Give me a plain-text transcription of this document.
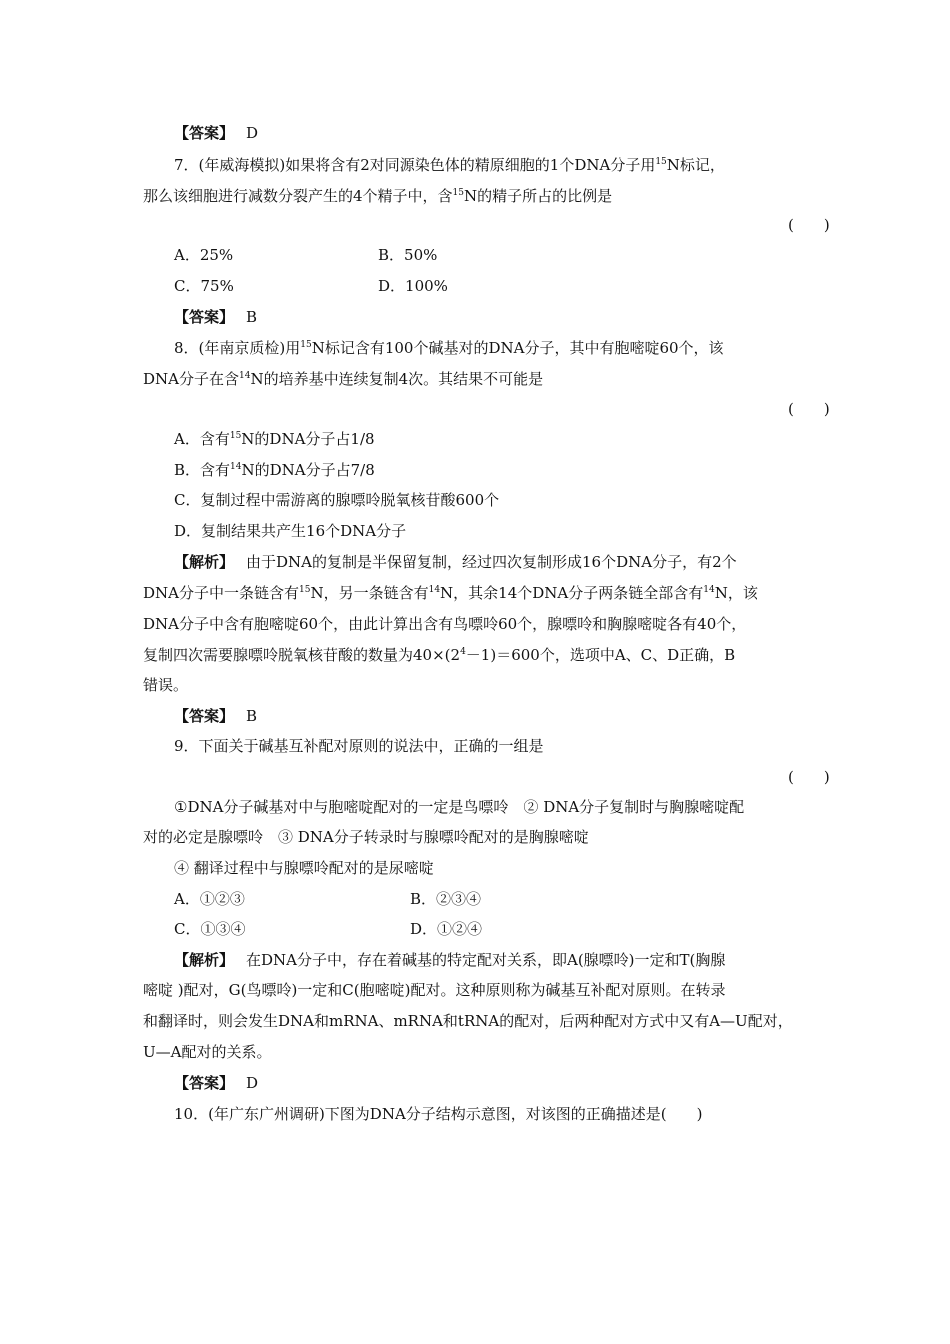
【答案】 D
7．(年威海模拟)如果将含有2对同源染色体的精原细胞的1个DNA分子用$^{15}$N标记，
那么该细胞进行减数分裂产生的4个精子中，含$^{15}$N的精子所占的比例是
(　　)
A．25%	B．50%
C．75%	D．100%
【答案】 B
8．(年南京质检)用$^{15}$N标记含有100个碱基对的DNA分子，其中有胞嘧啶60个，该
DNA分子在含$^{14}$N的培养基中连续复制4次。其结果不可能是
(　　)
A．含有$^{15}$N的DNA分子占1/8
B．含有$^{14}$N的DNA分子占7/8
C．复制过程中需游离的腺嘌呤脱氧核苷酸600个
D．复制结果共产生16个DNA分子
【解析】 由于DNA的复制是半保留复制，经过四次复制形成16个DNA分子，有2个
DNA分子中一条链含有$^{15}$N，另一条链含有$^{14}$N，其余14个DNA分子两条链全部含有$^{14}$N，该
DNA分子中含有胞嘧啶60个，由此计算出含有鸟嘌呤60个，腺嘌呤和胸腺嘧啶各有40个，
复制四次需要腺嘌呤脱氧核苷酸的数量为$40\times(2^4-1)=600$个，选项中A、C、D正确，B
错误。
【答案】 B
9．下面关于碱基互补配对原则的说法中，正确的一组是
(　　)
①DNA分子碱基对中与胞嘧啶配对的一定是鸟嘌呤　② DNA分子复制时与胸腺嘧啶配
对的必定是腺嘌呤　③ DNA分子转录时与腺嘌呤配对的是胸腺嘧啶
④ 翻译过程中与腺嘌呤配对的是尿嘧啶
A．①②③	B．②③④
C．①③④	D．①②④
【解析】 在DNA分子中，存在着碱基的特定配对关系，即A(腺嘌呤)一定和T(胸腺
嘧啶 )配对，G(鸟嘌呤)一定和C(胞嘧啶)配对。这种原则称为碱基互补配对原则。在转录
和翻译时，则会发生DNA和mRNA、mRNA和tRNA的配对，后两种配对方式中又有A—U配对，
U—A配对的关系。
【答案】 D
10．(年广东广州调研)下图为DNA分子结构示意图，对该图的正确描述是(　　)
